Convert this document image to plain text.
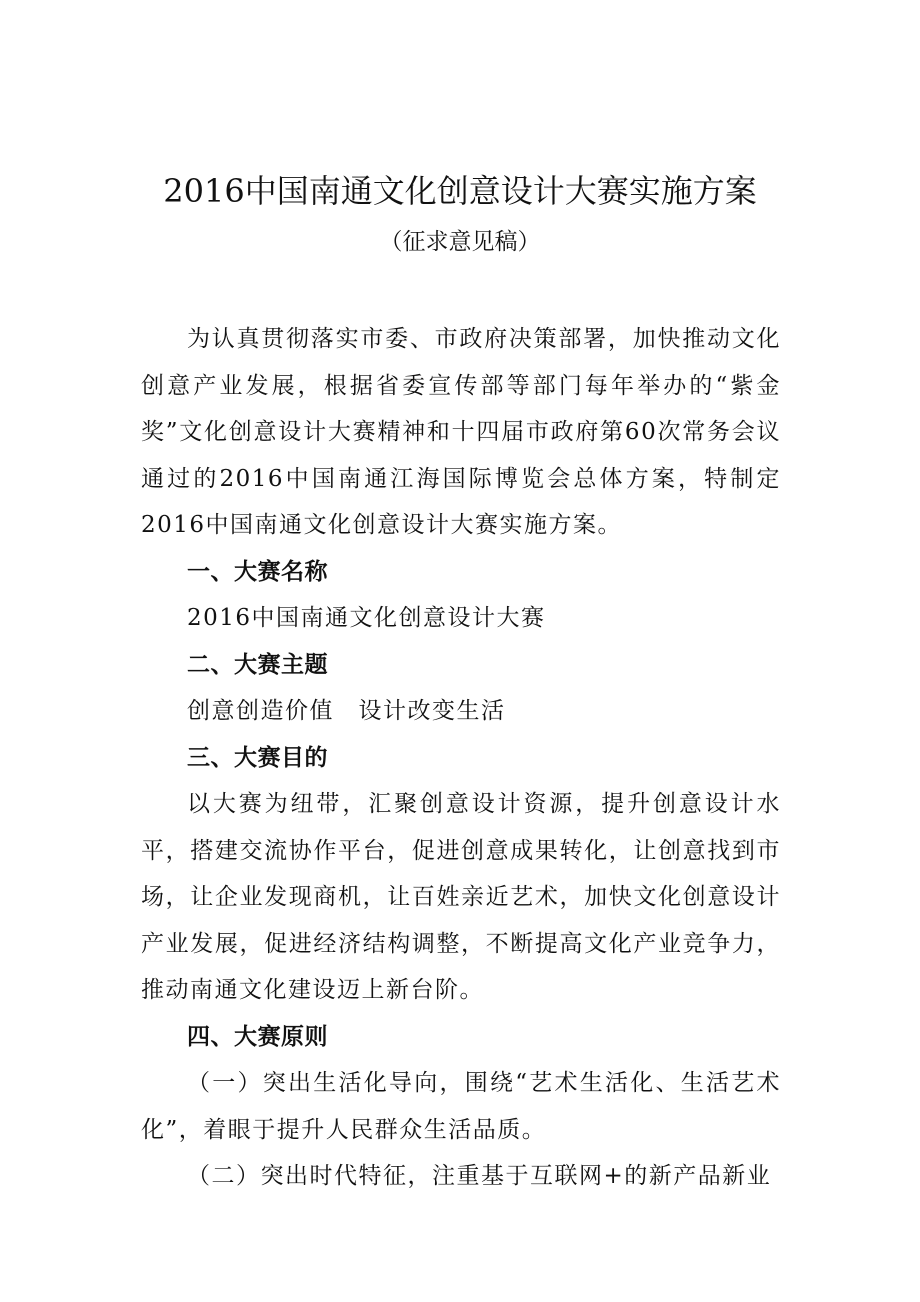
2016中国南通文化创意设计大赛实施方案
（征求意见稿）

为认真贯彻落实市委、市政府决策部署，加快推动文化创意产业发展，根据省委宣传部等部门每年举办的“紫金奖”文化创意设计大赛精神和十四届市政府第60次常务会议通过的2016中国南通江海国际博览会总体方案，特制定2016中国南通文化创意设计大赛实施方案。

一、大赛名称

2016中国南通文化创意设计大赛

二、大赛主题

创意创造价值　设计改变生活

三、大赛目的

以大赛为纽带，汇聚创意设计资源，提升创意设计水平，搭建交流协作平台，促进创意成果转化，让创意找到市场，让企业发现商机，让百姓亲近艺术，加快文化创意设计产业发展，促进经济结构调整，不断提高文化产业竞争力，推动南通文化建设迈上新台阶。

四、大赛原则

（一）突出生活化导向，围绕“艺术生活化、生活艺术化”，着眼于提升人民群众生活品质。

（二）突出时代特征，注重基于互联网+的新产品新业
